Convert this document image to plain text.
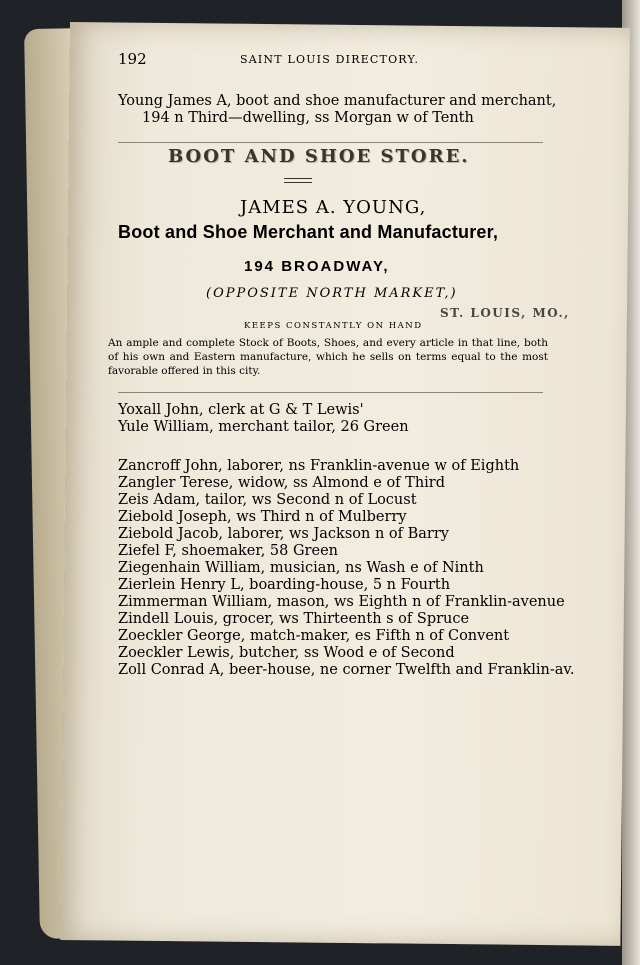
192	SAINT LOUIS DIRECTORY.
Young James A, boot and shoe manufacturer and merchant,
194 n Third—dwelling, ss Morgan w of Tenth
BOOT AND SHOE STORE.
JAMES A. YOUNG,
Boot and Shoe Merchant and Manufacturer,
194 BROADWAY,
(OPPOSITE NORTH MARKET,)
ST. LOUIS, MO.,
KEEPS CONSTANTLY ON HAND
An ample and complete Stock of Boots, Shoes, and every article in that line, both of his own and Eastern manufacture, which he sells on terms equal to the most favorable offered in this city.
Yoxall John, clerk at G & T Lewis'
Yule William, merchant tailor, 26 Green
Zancroff John, laborer, ns Franklin-avenue w of Eighth
Zangler Terese, widow, ss Almond e of Third
Zeis Adam, tailor, ws Second n of Locust
Ziebold Joseph, ws Third n of Mulberry
Ziebold Jacob, laborer, ws Jackson n of Barry
Ziefel F, shoemaker, 58 Green
Ziegenhain William, musician, ns Wash e of Ninth
Zierlein Henry L, boarding-house, 5 n Fourth
Zimmerman William, mason, ws Eighth n of Franklin-avenue
Zindell Louis, grocer, ws Thirteenth s of Spruce
Zoeckler George, match-maker, es Fifth n of Convent
Zoeckler Lewis, butcher, ss Wood e of Second
Zoll Conrad A, beer-house, ne corner Twelfth and Franklin-av.
